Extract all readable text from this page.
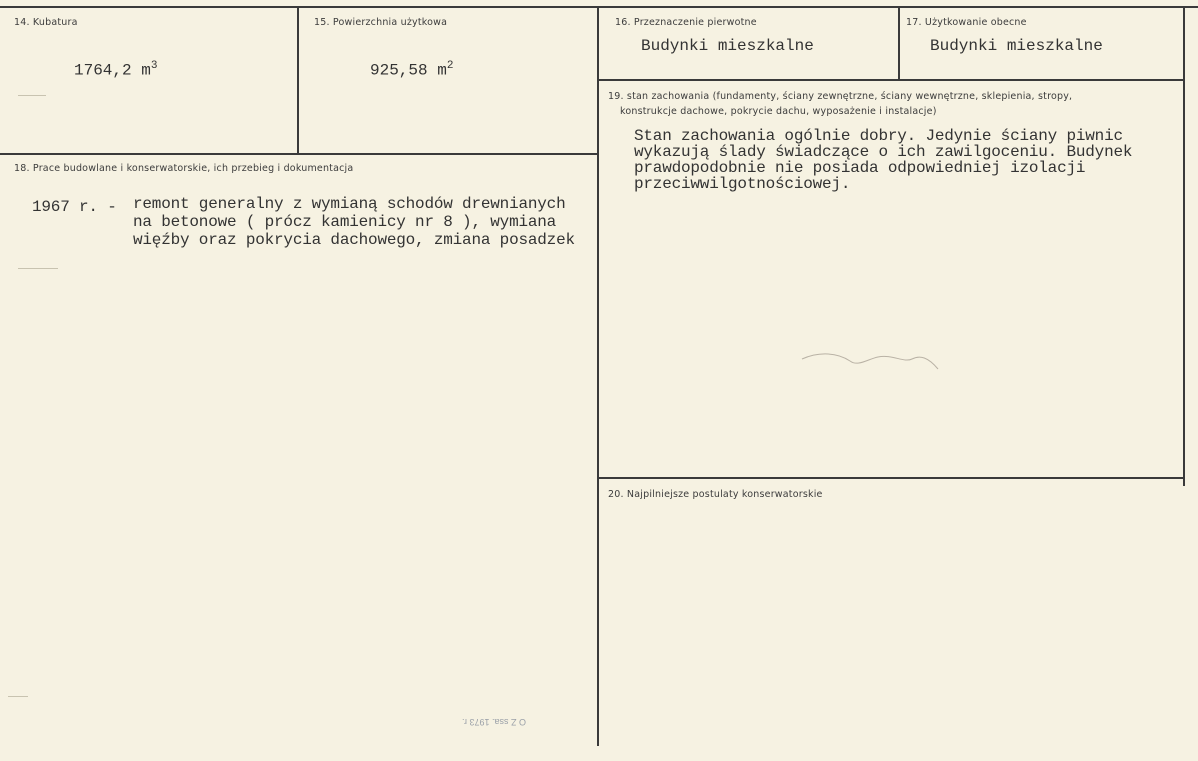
14. Kubatura
1764,2 $m^3$
15. Powierzchnia użytkowa
925,58 $m^2$
16. Przeznaczenie pierwotne
Budynki mieszkalne
17. Użytkowanie obecne
Budynki mieszkalne
18. Prace budowlane i konserwatorskie, ich przebieg i dokumentacja
1967 r. - remont generalny z wymianą schodów drewnianych
na betonowe ( prócz kamienicy nr 8 ), wymiana
więźby oraz pokrycia dachowego, zmiana posadzek
19. stan zachowania (fundamenty, ściany zewnętrzne, ściany wewnętrzne, sklepienia, stropy,
konstrukcje dachowe, pokrycie dachu, wyposażenie i instalacje)
Stan zachowania ogólnie dobry. Jedynie ściany piwnic
wykazują ślady świadczące o ich zawilgoceniu. Budynek
prawdopodobnie nie posiada odpowiedniej izolacji
przeciwwilgotnościowej.
20. Najpilniejsze postulaty konserwatorskie
O Z ssa. 1973 r.
